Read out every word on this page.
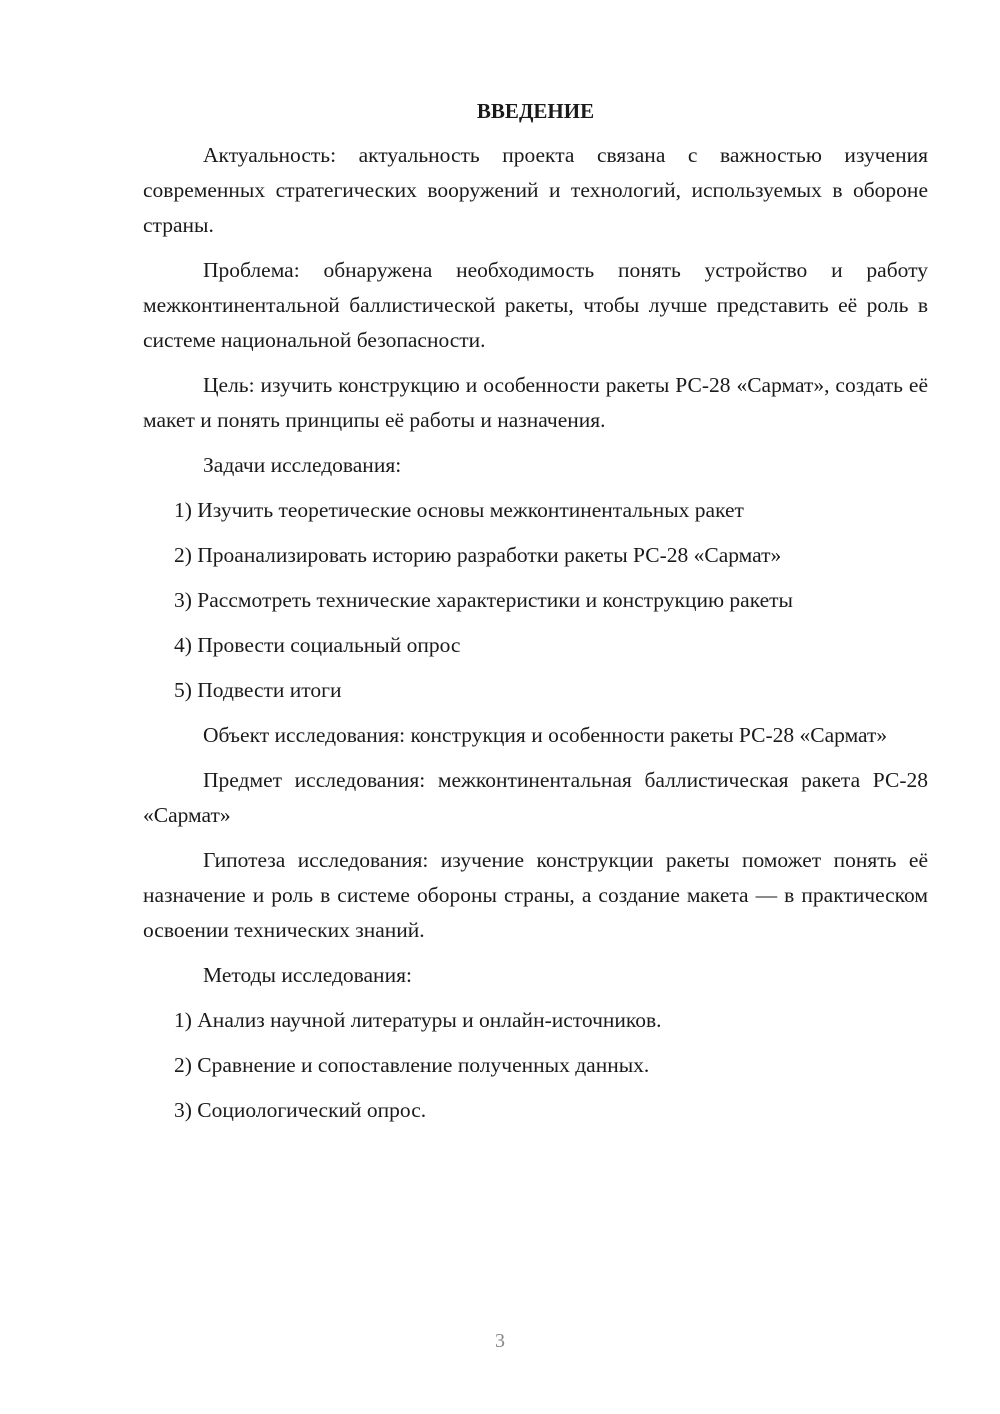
ВВЕДЕНИЕ

Актуальность: актуальность проекта связана с важностью изучения современных стратегических вооружений и технологий, используемых в обороне страны.

Проблема: обнаружена необходимость понять устройство и работу межконтинентальной баллистической ракеты, чтобы лучше представить её роль в системе национальной безопасности.

Цель: изучить конструкцию и особенности ракеты РС-28 «Сармат», создать её макет и понять принципы её работы и назначения.

Задачи исследования:

1) Изучить теоретические основы межконтинентальных ракет
2) Проанализировать историю разработки ракеты РС-28 «Сармат»
3) Рассмотреть технические характеристики и конструкцию ракеты
4) Провести социальный опрос
5) Подвести итоги

Объект исследования: конструкция и особенности ракеты РС-28 «Сармат»

Предмет исследования: межконтинентальная баллистическая ракета РС-28 «Сармат»

Гипотеза исследования: изучение конструкции ракеты поможет понять её назначение и роль в системе обороны страны, а создание макета — в практическом освоении технических знаний.

Методы исследования:

1) Анализ научной литературы и онлайн-источников.
2) Сравнение и сопоставление полученных данных.
3) Социологический опрос.
3
